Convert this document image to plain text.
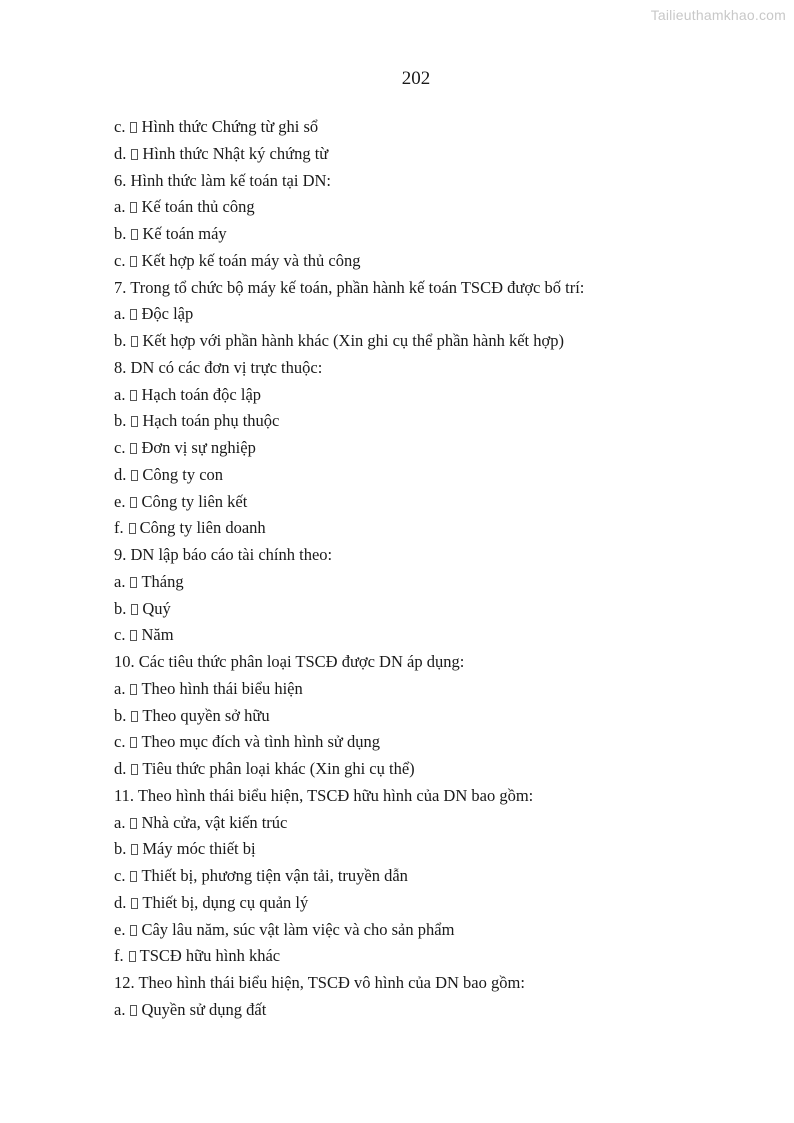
Tailieuthamkhao.com
202
c. Hình thức Chứng từ ghi sổ
d. Hình thức Nhật ký chứng từ
6. Hình thức làm kế toán tại DN:
a. Kế toán thủ công
b. Kế toán máy
c. Kết hợp kế toán máy và thủ công
7. Trong tổ chức bộ máy kế toán, phần hành kế toán TSCĐ được bố trí:
a. Độc lập
b. Kết hợp với phần hành khác (Xin ghi cụ thể phần hành kết hợp)
8. DN có các đơn vị trực thuộc:
a. Hạch toán độc lập
b. Hạch toán phụ thuộc
c. Đơn vị sự nghiệp
d. Công ty con
e. Công ty liên kết
f. Công ty liên doanh
9. DN lập báo cáo tài chính theo:
a. Tháng
b. Quý
c. Năm
10. Các tiêu thức phân loại TSCĐ được DN áp dụng:
a. Theo hình thái biểu hiện
b. Theo quyền sở hữu
c. Theo mục đích và tình hình sử dụng
d. Tiêu thức phân loại khác (Xin ghi cụ thể)
11. Theo hình thái biểu hiện, TSCĐ hữu hình của DN bao gồm:
a. Nhà cửa, vật kiến trúc
b. Máy móc thiết bị
c. Thiết bị, phương tiện vận tải, truyền dẫn
d. Thiết bị, dụng cụ quản lý
e. Cây lâu năm, súc vật làm việc và cho sản phẩm
f. TSCĐ hữu hình khác
12. Theo hình thái biểu hiện, TSCĐ vô hình của DN bao gồm:
a. Quyền sử dụng đất
